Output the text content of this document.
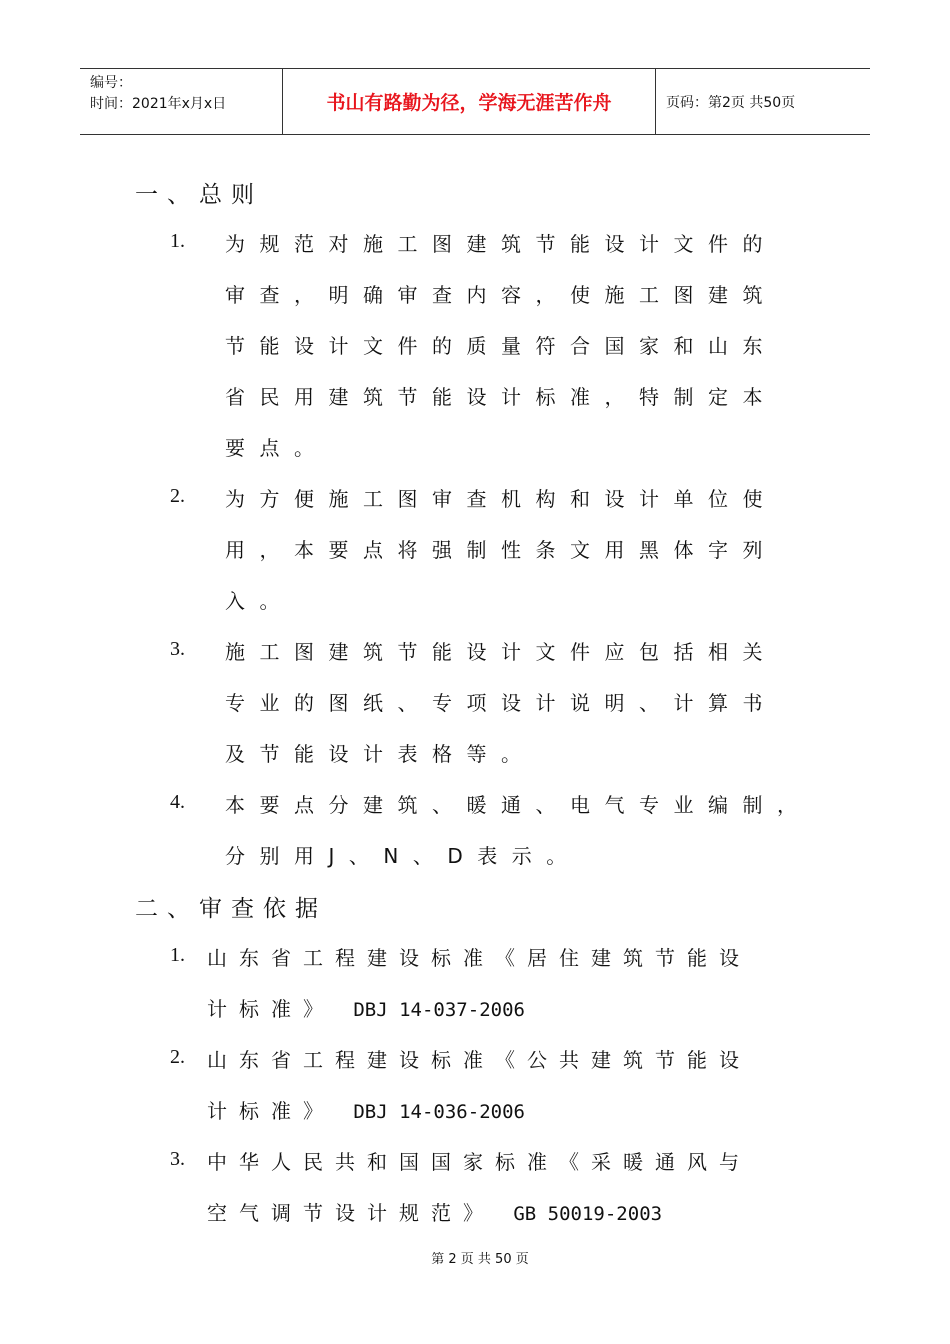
编号：
时间：2021年x月x日	书山有路勤为径，学海无涯苦作舟	页码：第2页 共50页
一、总则
1. 为规范对施工图建筑节能设计文件的
审查，明确审查内容，使施工图建筑
节能设计文件的质量符合国家和山东
省民用建筑节能设计标准，特制定本
要点。
2. 为方便施工图审查机构和设计单位使
用，本要点将强制性条文用黑体字列
入。
3. 施工图建筑节能设计文件应包括相关
专业的图纸、专项设计说明、计算书
及节能设计表格等。
4. 本要点分建筑、暖通、电气专业编制，
分别用J、N、D表示。
二、审查依据
1. 山东省工程建设标准《居住建筑节能设
计标准》 DBJ 14-037-2006
2. 山东省工程建设标准《公共建筑节能设
计标准》 DBJ 14-036-2006
3. 中华人民共和国国家标准《采暖通风与
空气调节设计规范》 GB 50019-2003
第 2 页 共 50 页
